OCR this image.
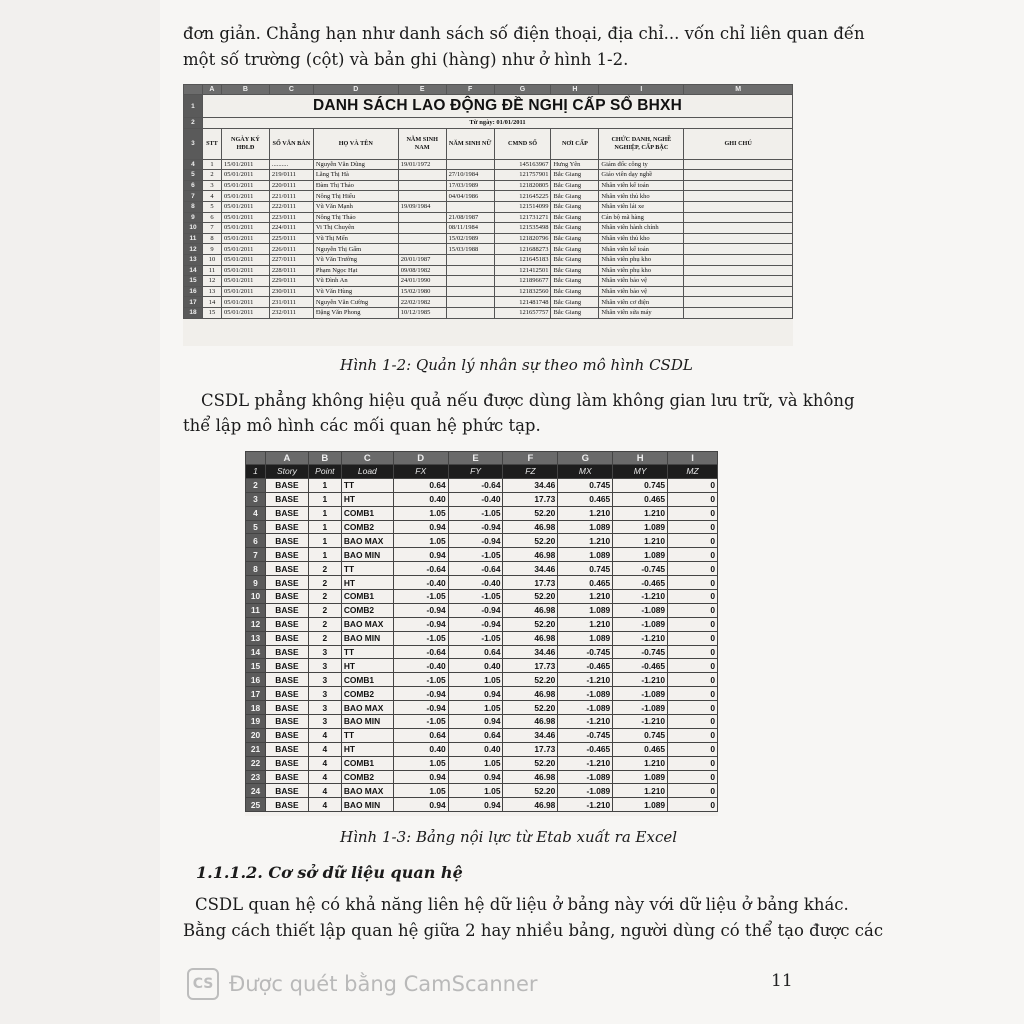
đơn giản. Chẳng hạn như danh sách số điện thoại, địa chỉ... vốn chỉ liên quan đến
một số trường (cột) và bản ghi (hàng) như ở hình 1-2.
	A	B	C	D	E	F	G	H	I	M
1	DANH SÁCH LAO ĐỘNG ĐỀ NGHỊ CẤP SỔ BHXH									
2	Từ ngày: 01/01/2011									
3	STT	NGÀY KÝ HĐLĐ	SỐ VĂN BẢN	HỌ VÀ TÊN	NĂM SINH NAM	NĂM SINH NỮ	CMND SỐ	NƠI CẤP	CHỨC DANH, NGHỀ NGHIỆP, CẤP BẬC	GHI CHÚ
4	1	15/01/2011	..........	Nguyễn Văn Dũng	19/01/1972		145163967	Hưng Yên	Giám đốc công ty	
5	2	05/01/2011	219/0111	Lăng Thị Hà		27/10/1984	121757901	Bắc Giang	Giáo viên dạy nghề	
6	3	05/01/2011	220/0111	Đàm Thị Thảo		17/03/1989	121820805	Bắc Giang	Nhân viên kế toán	
7	4	05/01/2011	221/0111	Nông Thị Hiếu		04/04/1986	121645225	Bắc Giang	Nhân viên thủ kho	
8	5	05/01/2011	222/0111	Vũ Văn Mạnh	19/09/1984		121514099	Bắc Giang	Nhân viên lái xe	
9	6	05/01/2011	223/0111	Nông Thị Thảo		21/08/1987	121731271	Bắc Giang	Cán bộ mã hàng	
10	7	05/01/2011	224/0111	Vi Thị Chuyên		08/11/1984	121535498	Bắc Giang	Nhân viên hành chính	
11	8	05/01/2011	225/0111	Vũ Thị Mến		15/02/1989	121820796	Bắc Giang	Nhân viên thủ kho	
12	9	05/01/2011	226/0111	Nguyễn Thị Gấm		15/03/1988	121688273	Bắc Giang	Nhân viên kế toán	
13	10	05/01/2011	227/0111	Vũ Văn Trường	20/01/1987		121645183	Bắc Giang	Nhân viên phụ kho	
14	11	05/01/2011	228/0111	Phạm Ngọc Hạt	09/08/1982		121412501	Bắc Giang	Nhân viên phụ kho	
15	12	05/01/2011	229/0111	Vũ Đình An	24/01/1990		121896677	Bắc Giang	Nhân viên bảo vệ	
16	13	05/01/2011	230/0111	Vũ Văn Hùng	15/02/1980		121832560	Bắc Giang	Nhân viên bảo vệ	
17	14	05/01/2011	231/0111	Nguyễn Văn Cường	22/02/1982		121481748	Bắc Giang	Nhân viên cơ điện	
18	15	05/01/2011	232/0111	Đặng Văn Phong	10/12/1985		121657757	Bắc Giang	Nhân viên sửa máy	
Hình 1-2: Quản lý nhân sự theo mô hình CSDL
CSDL phẳng không hiệu quả nếu được dùng làm không gian lưu trữ, và không
thể lập mô hình các mối quan hệ phức tạp.
	A	B	C	D	E	F	G	H	I
1	Story	Point	Load	FX	FY	FZ	MX	MY	MZ
2	BASE	1	TT	0.64	-0.64	34.46	0.745	0.745	0
3	BASE	1	HT	0.40	-0.40	17.73	0.465	0.465	0
4	BASE	1	COMB1	1.05	-1.05	52.20	1.210	1.210	0
5	BASE	1	COMB2	0.94	-0.94	46.98	1.089	1.089	0
6	BASE	1	BAO MAX	1.05	-0.94	52.20	1.210	1.210	0
7	BASE	1	BAO MIN	0.94	-1.05	46.98	1.089	1.089	0
8	BASE	2	TT	-0.64	-0.64	34.46	0.745	-0.745	0
9	BASE	2	HT	-0.40	-0.40	17.73	0.465	-0.465	0
10	BASE	2	COMB1	-1.05	-1.05	52.20	1.210	-1.210	0
11	BASE	2	COMB2	-0.94	-0.94	46.98	1.089	-1.089	0
12	BASE	2	BAO MAX	-0.94	-0.94	52.20	1.210	-1.089	0
13	BASE	2	BAO MIN	-1.05	-1.05	46.98	1.089	-1.210	0
14	BASE	3	TT	-0.64	0.64	34.46	-0.745	-0.745	0
15	BASE	3	HT	-0.40	0.40	17.73	-0.465	-0.465	0
16	BASE	3	COMB1	-1.05	1.05	52.20	-1.210	-1.210	0
17	BASE	3	COMB2	-0.94	0.94	46.98	-1.089	-1.089	0
18	BASE	3	BAO MAX	-0.94	1.05	52.20	-1.089	-1.089	0
19	BASE	3	BAO MIN	-1.05	0.94	46.98	-1.210	-1.210	0
20	BASE	4	TT	0.64	0.64	34.46	-0.745	0.745	0
21	BASE	4	HT	0.40	0.40	17.73	-0.465	0.465	0
22	BASE	4	COMB1	1.05	1.05	52.20	-1.210	1.210	0
23	BASE	4	COMB2	0.94	0.94	46.98	-1.089	1.089	0
24	BASE	4	BAO MAX	1.05	1.05	52.20	-1.089	1.210	0
25	BASE	4	BAO MIN	0.94	0.94	46.98	-1.210	1.089	0
Hình 1-3: Bảng nội lực từ Etab xuất ra Excel
1.1.1.2. Cơ sở dữ liệu quan hệ
CSDL quan hệ có khả năng liên hệ dữ liệu ở bảng này với dữ liệu ở bảng khác.
Bằng cách thiết lập quan hệ giữa 2 hay nhiều bảng, người dùng có thể tạo được các
CS Được quét bằng CamScanner	11
